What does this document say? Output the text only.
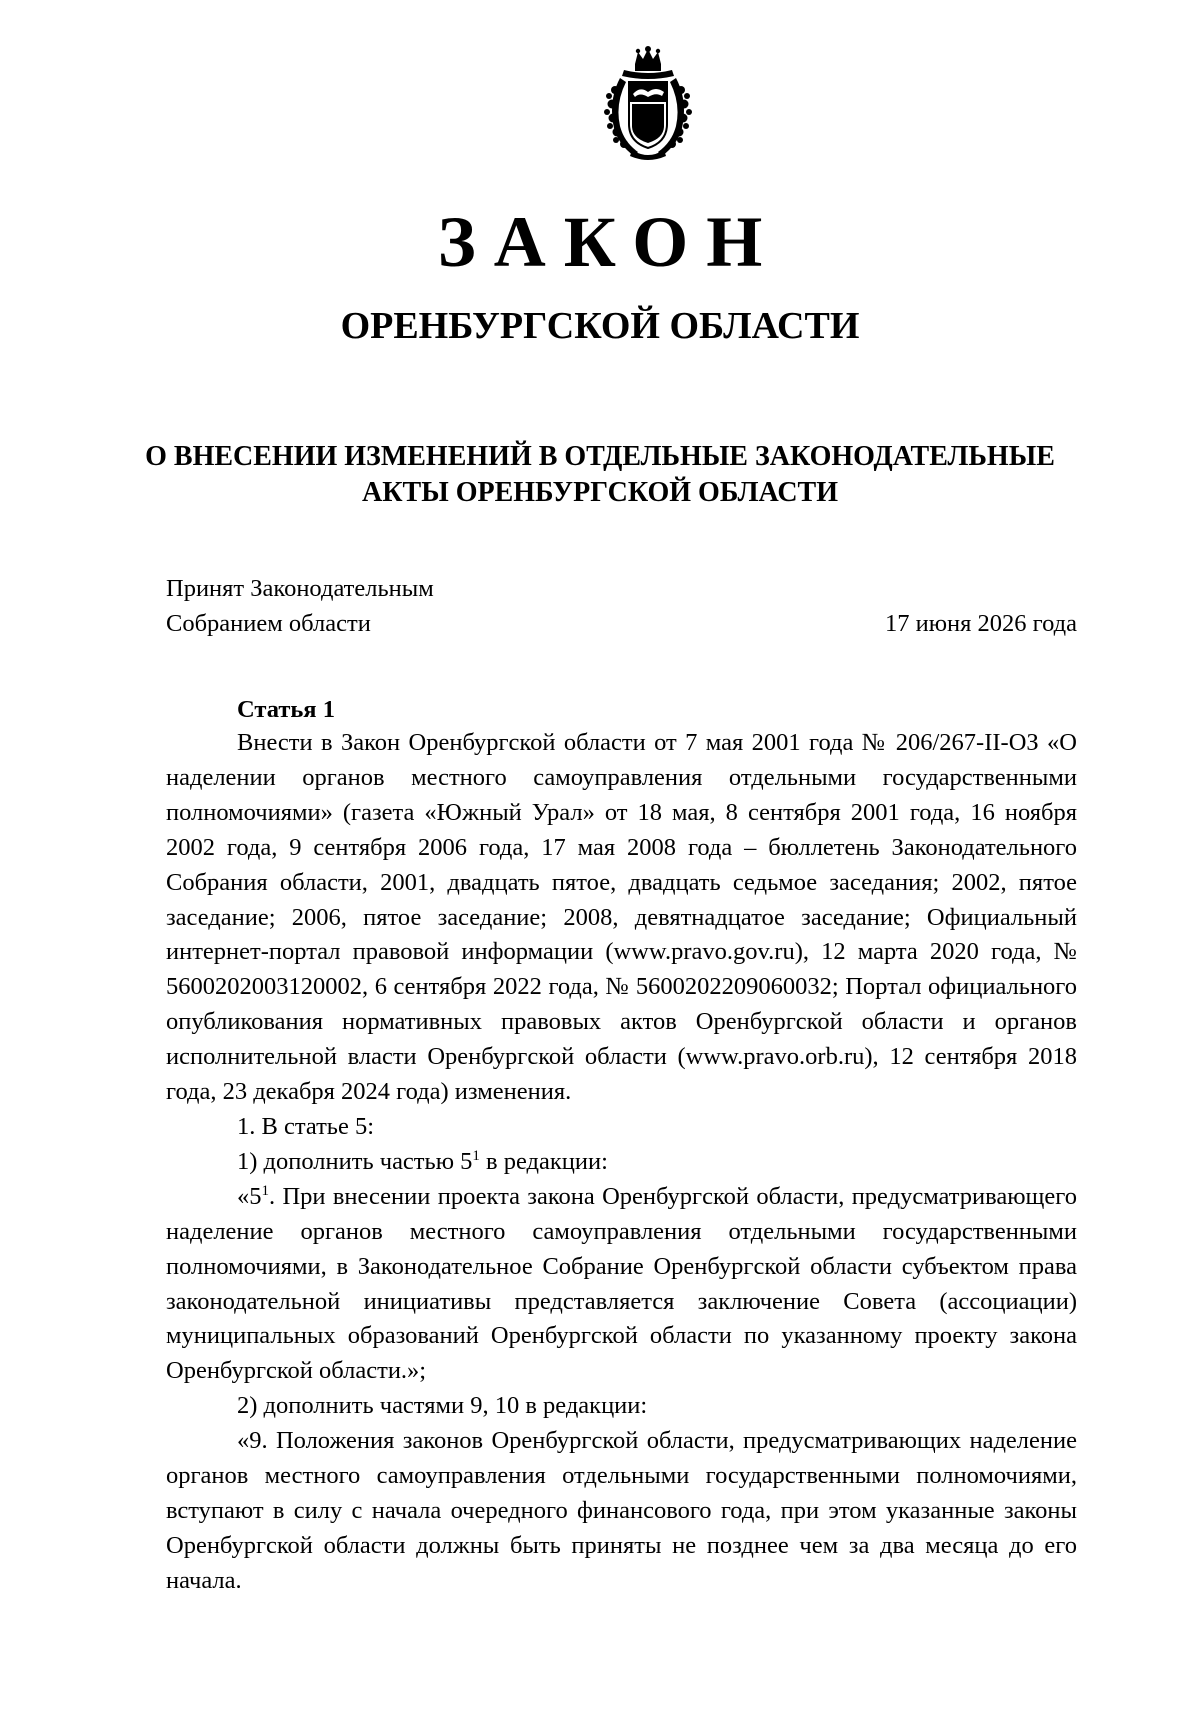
ЗАКОН
ОРЕНБУРГСКОЙ ОБЛАСТИ
О ВНЕСЕНИИ ИЗМЕНЕНИЙ В ОТДЕЛЬНЫЕ ЗАКОНОДАТЕЛЬНЫЕ
АКТЫ ОРЕНБУРГСКОЙ ОБЛАСТИ
Принят Законодательным
Собранием области	17 июня 2026 года
Статья 1

Внести в Закон Оренбургской области от 7 мая 2001 года № 206/267-II-ОЗ «О наделении органов местного самоуправления отдельными государственными полномочиями» (газета «Южный Урал» от 18 мая, 8 сентября 2001 года, 16 ноября 2002 года, 9 сентября 2006 года, 17 мая 2008 года – бюллетень Законодательного Собрания области, 2001, двадцать пятое, двадцать седьмое заседания; 2002, пятое заседание; 2006, пятое заседание; 2008, девятнадцатое заседание; Официальный интернет-портал правовой информации (www.pravo.gov.ru), 12 марта 2020 года, № 5600202003120002, 6 сентября 2022 года, № 5600202209060032; Портал официального опубликования нормативных правовых актов Оренбургской области и органов исполнительной власти Оренбургской области (www.pravo.orb.ru), 12 сентября 2018 года, 23 декабря 2024 года) изменения.

1. В статье 5:

1) дополнить частью $5^1$ в редакции:

«$5^1$. При внесении проекта закона Оренбургской области, предусматривающего наделение органов местного самоуправления отдельными государственными полномочиями, в Законодательное Собрание Оренбургской области субъектом права законодательной инициативы представляется заключение Совета (ассоциации) муниципальных образований Оренбургской области по указанному проекту закона Оренбургской области.»;

2) дополнить частями 9, 10 в редакции:

«9. Положения законов Оренбургской области, предусматривающих наделение органов местного самоуправления отдельными государственными полномочиями, вступают в силу с начала очередного финансового года, при этом указанные законы Оренбургской области должны быть приняты не позднее чем за два месяца до его начала.
